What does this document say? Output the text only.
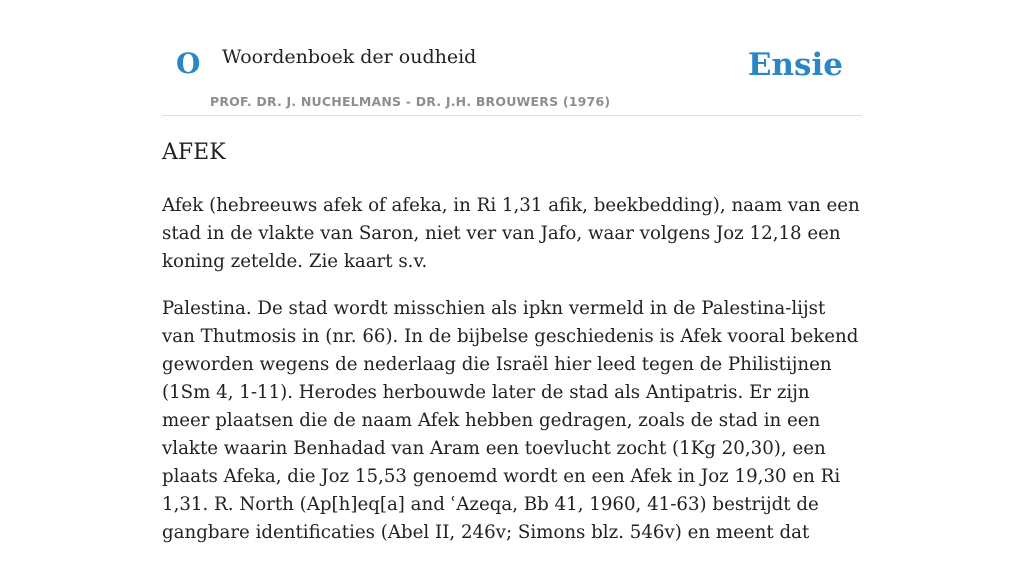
O Woordenboek der oudheid
PROF. DR. J. NUCHELMANS - DR. J.H. BROUWERS (1976)
Ensie
AFEK

Afek (hebreeuws afek of afeka, in Ri 1,31 afik, beekbedding), naam van een stad in de vlakte van Saron, niet ver van Jafo, waar volgens Joz 12,18 een koning zetelde. Zie kaart s.v.

Palestina. De stad wordt misschien als ipkn vermeld in de Palestina-lijst van Thutmosis in (nr. 66). In de bijbelse geschiedenis is Afek vooral bekend geworden wegens de nederlaag die Israël hier leed tegen de Philistijnen (1Sm 4, 1-11). Herodes herbouwde later de stad als Antipatris. Er zijn meer plaatsen die de naam Afek hebben gedragen, zoals de stad in een vlakte waarin Benhadad van Aram een toevlucht zocht (1Kg 20,30), een plaats Afeka, die Joz 15,53 genoemd wordt en een Afek in Joz 19,30 en Ri 1,31. R. North (Ap[h]eq[a] and ʿAzeqa, Bb 41, 1960, 41-63) bestrijdt de gangbare identificaties (Abel II, 246v; Simons blz. 546v) en meent dat
